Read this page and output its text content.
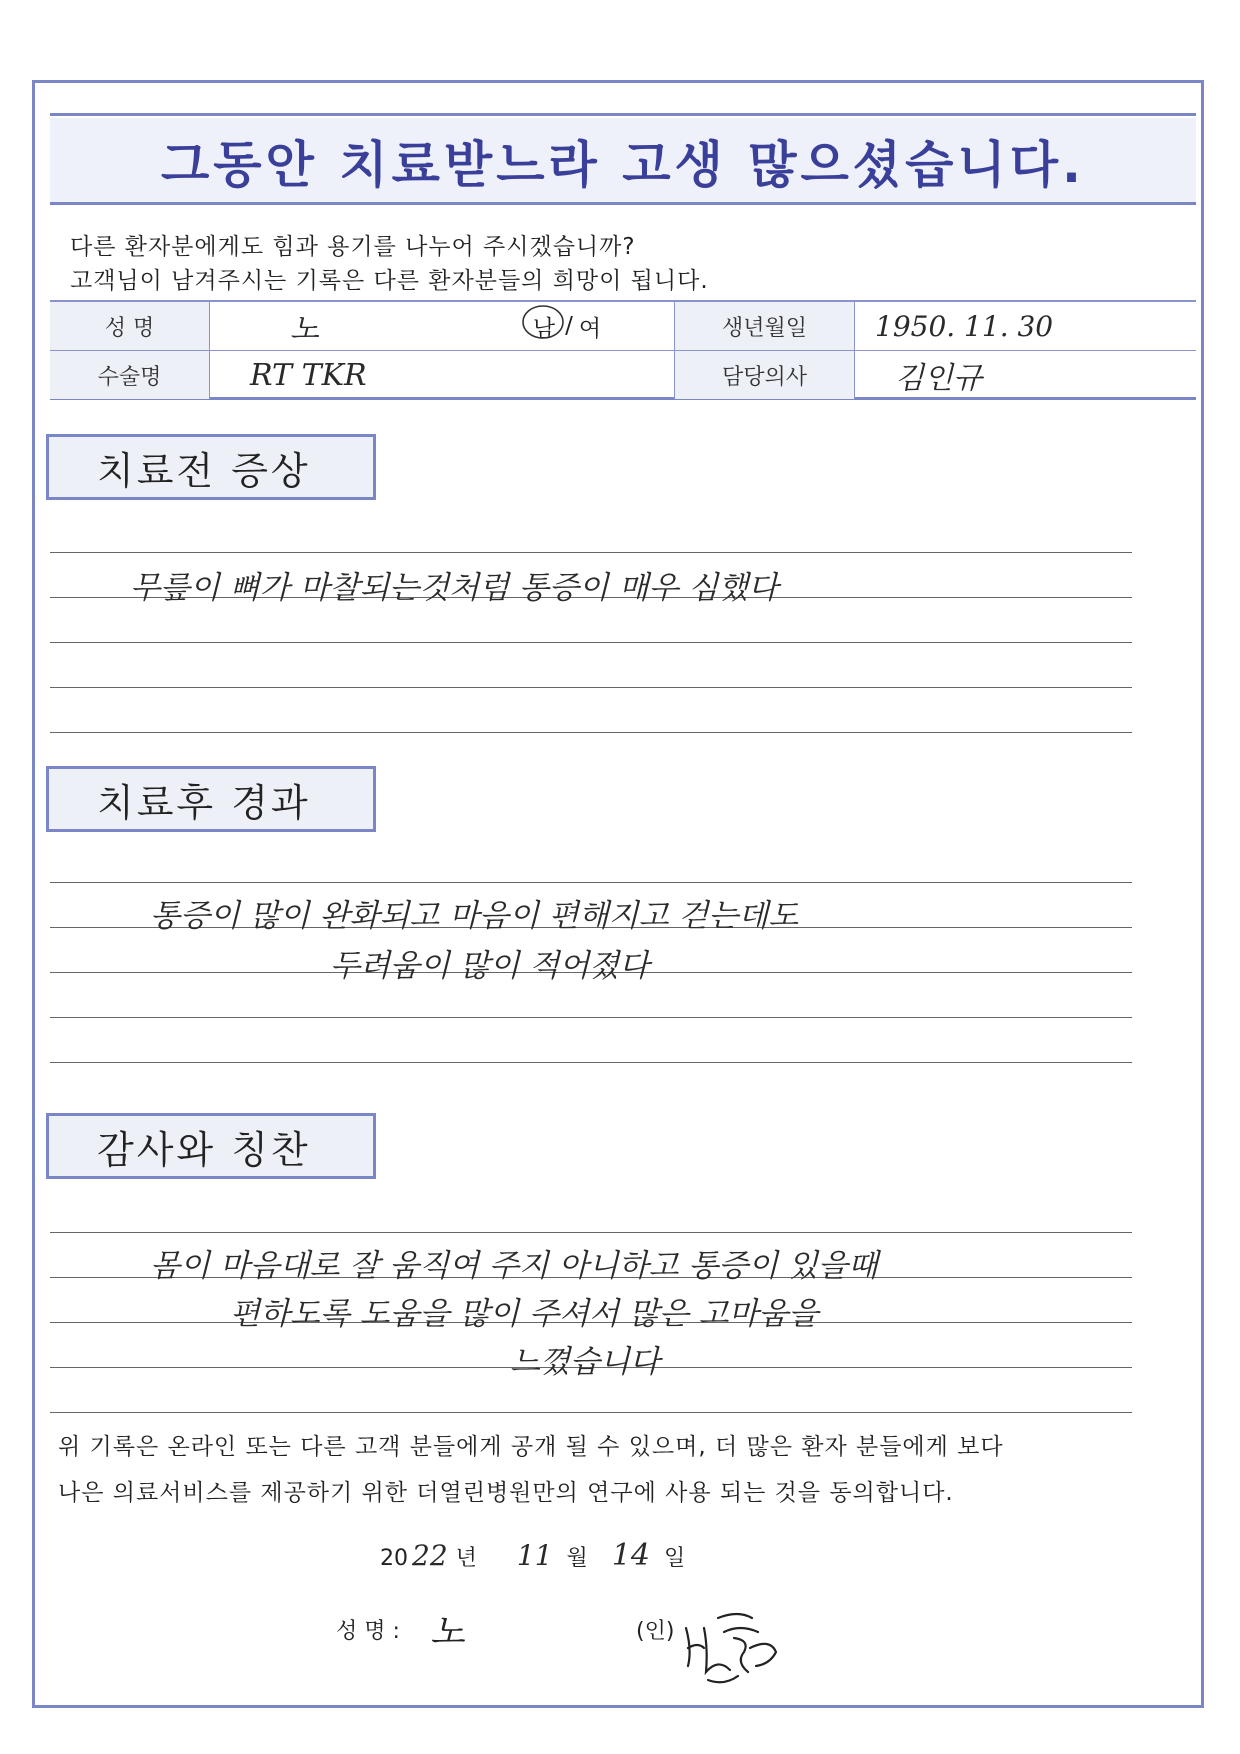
그동안 치료받느라 고생 많으셨습니다.
다른 환자분에게도 힘과 용기를 나누어 주시겠습니까?
고객님이 남겨주시는 기록은 다른 환자분들의 희망이 됩니다.
성 명	노	남 / 여	생년월일	1950. 11. 30
수술명	RT TKR	담당의사	김인규
치료전 증상
무릎이 뼈가 마찰되는것처럼 통증이 매우 심했다
치료후 경과
통증이 많이 완화되고 마음이 편해지고 걷는데도
두려움이 많이 적어졌다
감사와 칭찬
몸이 마음대로 잘 움직여 주지 아니하고 통증이 있을때
편하도록 도움을 많이 주셔서 많은 고마움을
느꼈습니다
위 기록은 온라인 또는 다른 고객 분들에게 공개 될 수 있으며, 더 많은 환자 분들에게 보다
나은 의료서비스를 제공하기 위한 더열린병원만의 연구에 사용 되는 것을 동의합니다.
20 22 년 11 월 14 일
성 명 : 노	(인)
